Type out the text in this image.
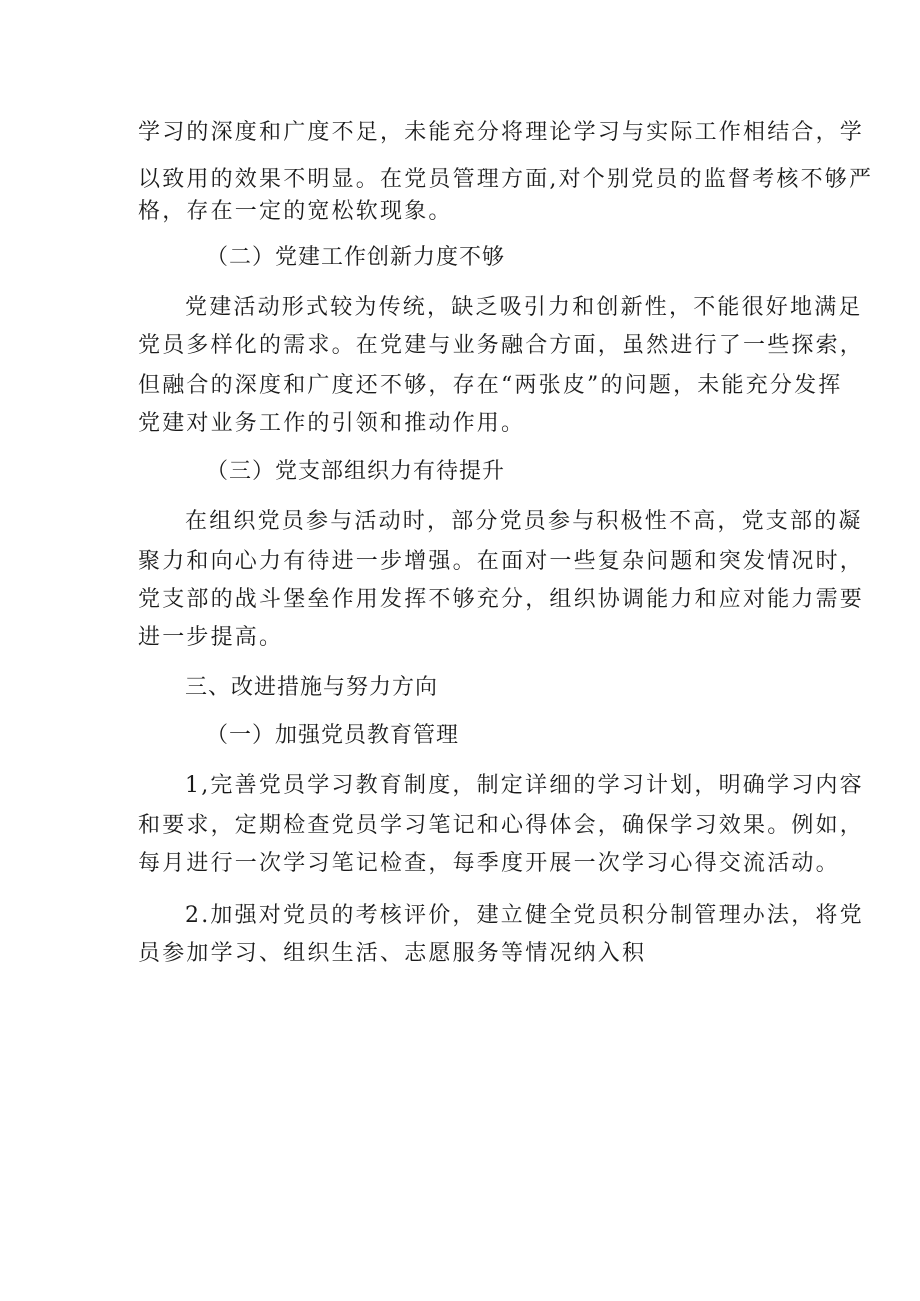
学习的深度和广度不足，未能充分将理论学习与实际工作相结合，学

以致用的效果不明显。在党员管理方面,对个别党员的监督考核不够严

格，存在一定的宽松软现象。

（二）党建工作创新力度不够

党建活动形式较为传统，缺乏吸引力和创新性，不能很好地满足

党员多样化的需求。在党建与业务融合方面，虽然进行了一些探索，

但融合的深度和广度还不够，存在“两张皮”的问题，未能充分发挥

党建对业务工作的引领和推动作用。

（三）党支部组织力有待提升

在组织党员参与活动时，部分党员参与积极性不高，党支部的凝

聚力和向心力有待进一步增强。在面对一些复杂问题和突发情况时，

党支部的战斗堡垒作用发挥不够充分，组织协调能力和应对能力需要

进一步提高。

三、改进措施与努力方向

（一）加强党员教育管理

1,完善党员学习教育制度，制定详细的学习计划，明确学习内容

和要求，定期检查党员学习笔记和心得体会，确保学习效果。例如，

每月进行一次学习笔记检查，每季度开展一次学习心得交流活动。

2.加强对党员的考核评价，建立健全党员积分制管理办法，将党

员参加学习、组织生活、志愿服务等情况纳入积
